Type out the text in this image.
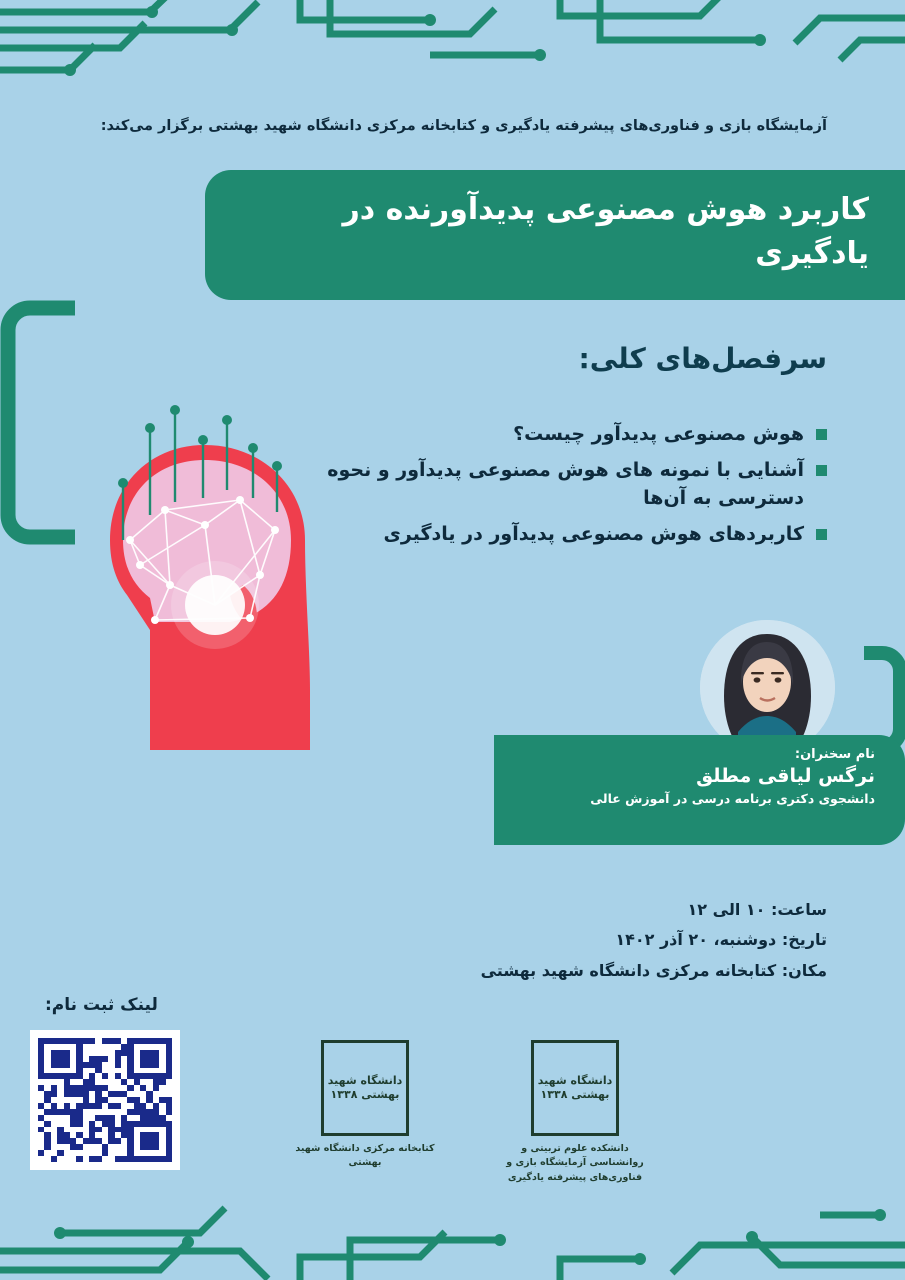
آزمایشگاه بازی و فناوری‌های پیشرفته یادگیری و کتابخانه مرکزی دانشگاه شهید بهشتی برگزار می‌کند:
کاربرد هوش مصنوعی پدیدآورنده در یادگیری
سرفصل‌های کلی:
هوش مصنوعی پدیدآور چیست؟
آشنایی با نمونه های هوش مصنوعی پدیدآور و نحوه دسترسی به آن‌ها
کاربردهای هوش مصنوعی پدیدآور در یادگیری
نام سخنران:
نرگس لیاقی مطلق
دانشجوی دکتری برنامه درسی در آموزش عالی
ساعت: ۱۰ الی ۱۲
تاریخ: دوشنبه، ۲۰ آذر ۱۴۰۲
مکان: کتابخانه مرکزی دانشگاه شهید بهشتی
لینک ثبت نام:
دانشگاه شهید بهشتی ۱۳۳۸
دانشکده علوم تربیتی و روانشناسی آزمایشگاه بازی و فناوری‌های پیشرفته یادگیری
دانشگاه شهید بهشتی ۱۳۳۸
کتابخانه مرکزی دانشگاه شهید بهشتی
